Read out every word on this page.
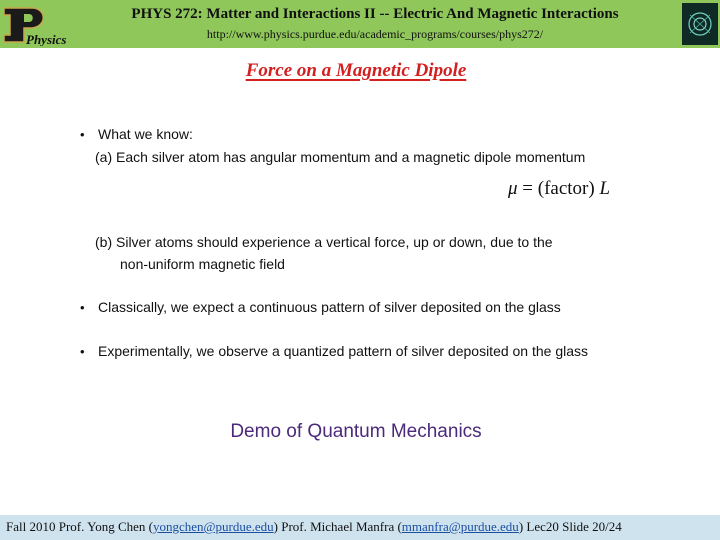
Physics
PHYS 272: Matter and Interactions II -- Electric And Magnetic Interactions
http://www.physics.purdue.edu/academic_programs/courses/phys272/
Force on a Magnetic Dipole
• What we know:
(a) Each silver atom has angular momentum and a magnetic dipole momentum
(b) Silver atoms should experience a vertical force, up or down, due to the
non-uniform magnetic field
• Classically, we expect a continuous pattern of silver deposited on the glass
• Experimentally, we observe a quantized pattern of silver deposited on the glass
μ = (factor) L
Demo of Quantum Mechanics
Fall 2010 Prof. Yong Chen (yongchen@purdue.edu) Prof. Michael Manfra (mmanfra@purdue.edu) Lec20 Slide 20/24
